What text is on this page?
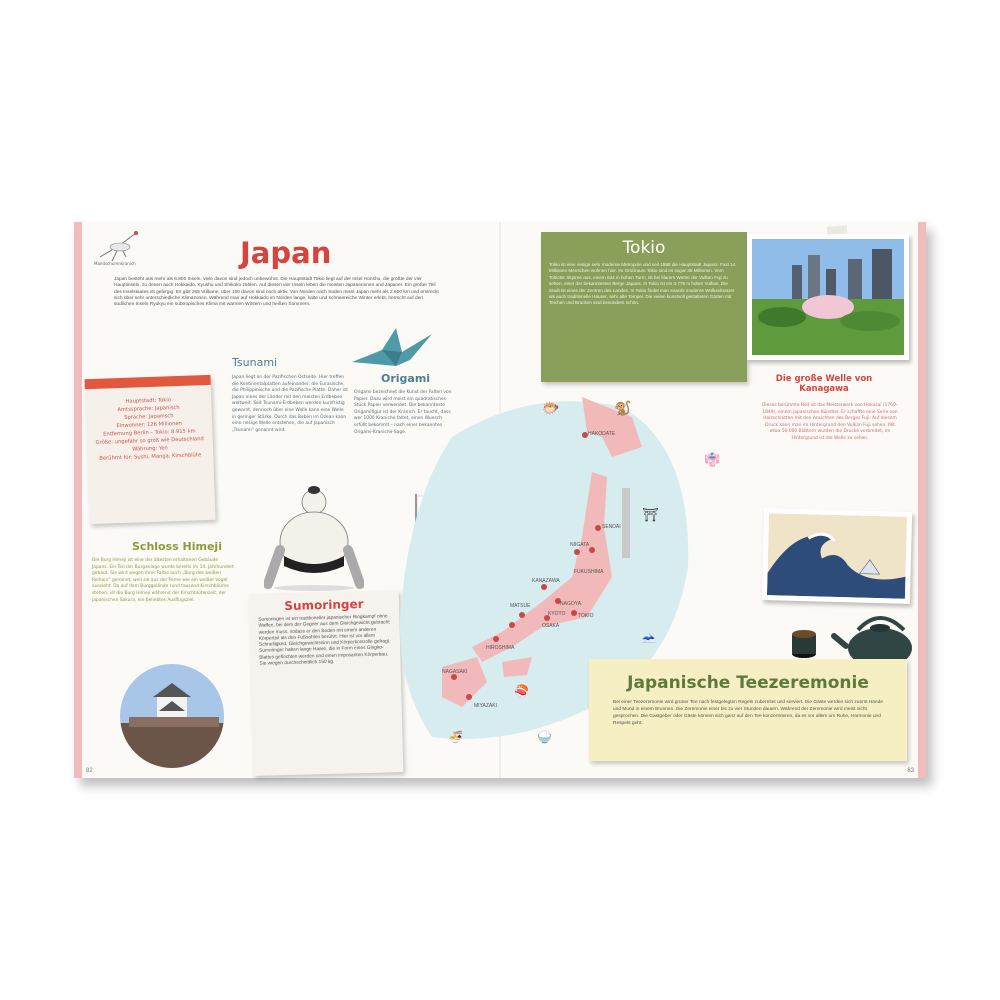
Mandschurenkranich	Japan
Japan besteht aus mehr als 6.800 Inseln, viele davon sind jedoch unbewohnt. Die Hauptstadt Tokio liegt auf der Insel Honshu, die größte der vier Hauptinseln, zu denen auch Hokkaido, Kyushu und Shikoku zählen. Auf diesen vier Inseln leben die meisten Japanerinnen und Japaner. Ein großer Teil des Inselstaates ist gebirgig. Es gibt 265 Vulkane, über 100 davon sind noch aktiv. Von Norden nach Süden misst Japan mehr als 2.600 km und erstreckt sich über sehr unterschiedliche Klimazonen. Während man auf Hokkaido im Norden lange, kalte und schneereiche Winter erlebt, herrscht auf den südlichen Inseln Ryukyu ein subtropisches Klima mit warmen Wintern und heißen Sommern.
Hauptstadt: Tokio
Amtssprache: Japanisch
Sprache: Japanisch
Einwohner: 126 Millionen
Entfernung Berlin – Tokio: 8.915 km
Größe: ungefähr so groß wie Deutschland
Währung: Yen
Berühmt für: Sushi, Manga, Kirschblüte
Tsunami
Japan liegt an der Pazifischen Ostseite. Hier treffen die Kontinentalplatten aufeinander: die Eurasische, die Philippinische und die Pazifische Platte. Daher ist Japan eines der Länder mit den meisten Erdbeben weltweit. Seit Tsunami-Erdbeben werden kurzfristig gewarnt, dennoch über eine Welle kann eine Welle in geringer Stärke. Durch das Beben im Ozean kann eine riesige Welle entstehen, die auf Japanisch „Tsunami“ genannt wird.
Origami
Origami bezeichnet die Kunst der Falten von Papier. Dazu wird meist ein quadratisches Stück Papier verwendet. Die bekannteste Origamifigur ist der Kranich. Er taucht, dass wer 1000 Kraniche faltet, einen Wunsch erfüllt bekommt – nach einer bekannten Origami-Kraniche-Sage.
Sumoringer
Sumoringen ist ein traditioneller japanischer Ringkampf ohne Waffen, bei dem der Gegner aus dem Gleichgewicht gebracht werden muss, sodass er den Boden mit einem anderen Körperteil als den Fußsohlen berührt. Hier ist vor allem Schnelligkeit, Gleichgewichtssinn und Körperkontrolle gefragt. Sumoringer haben lange Haare, die in Form eines Gingko-Blattes geflochten werden und einen imposanten Körperbau. Sie wiegen durchschnittlich 150 kg.
Schloss Himeji
Die Burg Himeji ist eine der ältesten erhaltenen Gebäude Japans. Ein Teil der Burganlage wurde bereits im 14. Jahrhundert gebaut. Sie wird wegen ihrer Farbe auch „Burg des weißen Reihers“ genannt, weil sie aus der Ferne wie ein weißer Vogel aussieht. Da auf dem Burggelände rund tausend Kirschbäume stehen, ist die Burg Himeji während der Kirschblütenzeit, der japanischen Sakura, ein beliebtes Ausflugsziel.
82
HAKODATE
SENDAI
FUKUSHIMA
NIIGATA
KANAZAWA
NAGOYA
TOKIO
KYOTO
OSAKA
MATSUE
HIROSHIMA
NAGASAKI
MIYAZAKI
🐡	🐒
🗻
🍣
🍜	🍚
👘
⛩
Tokio

Tokio ist eine riesige sehr moderne Metropole und seit 1868 die Hauptstadt Japans. Fast 14 Millionen Menschen wohnen hier. Im Großraum Tokio sind es sogar 38 Millionen. Vom Tokioter Skytree aus, einem 634 m hohen Turm, ist bei klarem Wetter der Vulkan Fuji zu sehen, einer der bekanntesten Berge Japans. In Tokio ist ein 3.776 m hoher Vulkan. Die Stadt ist eines der Zentren des Landes. In Tokio findet man sowohl moderne Wolkenkratzer als auch traditionelle Häuser, sehr alte Tempel. Die vielen kunstvoll gestalteten Gärten mit Teichen und Brücken sind besonders schön.

Die große Welle von Kanagawa
Dieses berühmte Bild ist das Meisterwerk von Hokusai (1760–1849), einem japanischen Künstler. Er schaffte eine Serie von Holzschnitten mit den Ansichten des Berges Fuji. Auf diesem Druck kann man im Hintergrund den Vulkan Fuji sehen. Mit etwa 50.000 Blättern wurden die Drucke verbreitet, im Hintergrund ist die Welle zu sehen.
Japanische Teezeremonie

Bei einer Teezeremonie wird grüner Tee nach festgelegten Regeln zubereitet und serviert. Die Gäste werden sich zuerst Hände und Mund in einem Brunnen. Die Zeremonie einer bis zu vier Stunden dauern. Während der Zeremonie wird meist nicht gesprochen. Die Gastgeber oder Gäste können sich ganz auf den Tee konzentrieren, da es vor allem um Ruhe, Harmonie und Respekt geht.

83
